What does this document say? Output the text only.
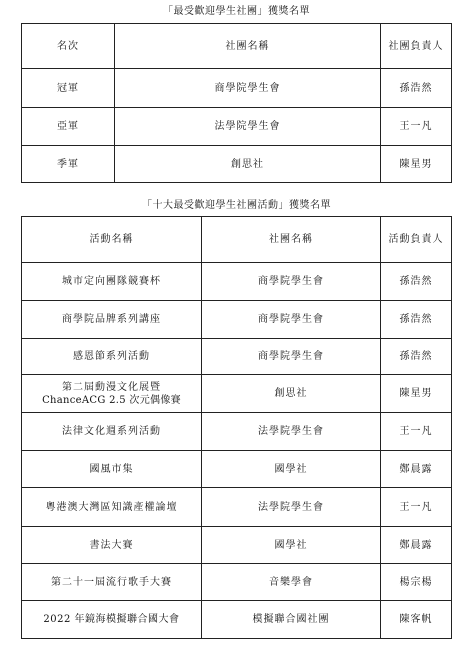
「最受歡迎學生社團」獲獎名單
名次	社團名稱	社團負責人
冠軍	商學院學生會	孫浩然
亞軍	法學院學生會	王一凡
季軍	創思社	陳星男
「十大最受歡迎學生社團活動」獲獎名單
活動名稱	社團名稱	活動負責人
城市定向團隊競賽杯	商學院學生會	孫浩然
商學院品牌系列講座	商學院學生會	孫浩然
感恩節系列活動	商學院學生會	孫浩然

第二屆動漫文化展暨
ChanceACG 2.5 次元偶像賽	創思社	陳星男
法律文化週系列活動	法學院學生會	王一凡
國風市集	國學社	鄭晨露
粵港澳大灣區知識產權論壇	法學院學生會	王一凡
書法大賽	國學社	鄭晨露
第二十一屆流行歌手大賽	音樂學會	楊宗楊
2022 年鏡海模擬聯合國大會	模擬聯合國社團	陳客帆
